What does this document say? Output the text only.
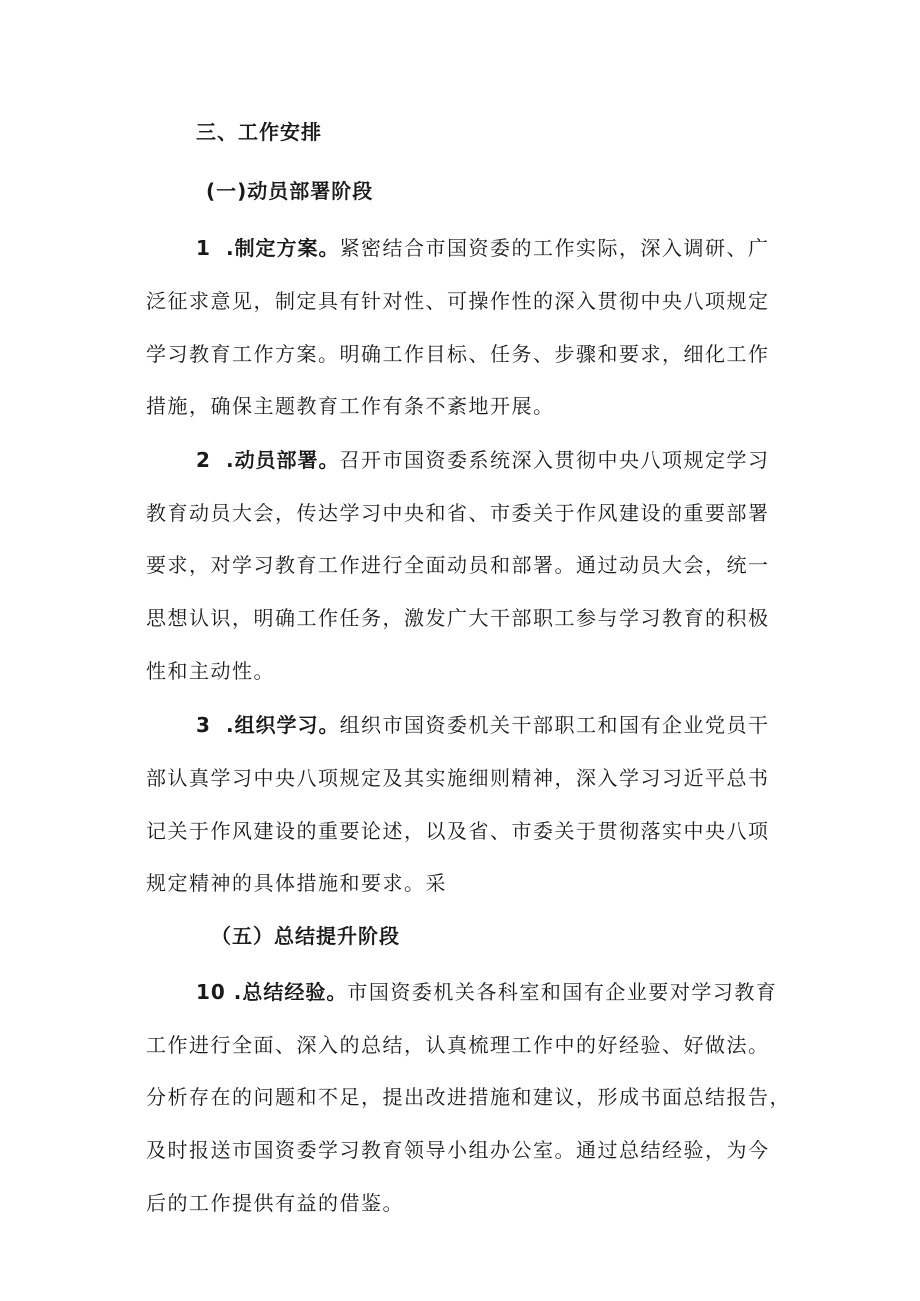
三、工作安排
(一)动员部署阶段
1 .制定方案。紧密结合市国资委的工作实际，深入调研、广
泛征求意见，制定具有针对性、可操作性的深入贯彻中央八项规定
学习教育工作方案。明确工作目标、任务、步骤和要求，细化工作
措施，确保主题教育工作有条不紊地开展。
2 .动员部署。召开市国资委系统深入贯彻中央八项规定学习
教育动员大会，传达学习中央和省、市委关于作风建设的重要部署
要求，对学习教育工作进行全面动员和部署。通过动员大会，统一
思想认识，明确工作任务，激发广大干部职工参与学习教育的积极
性和主动性。
3 .组织学习。组织市国资委机关干部职工和国有企业党员干
部认真学习中央八项规定及其实施细则精神，深入学习习近平总书
记关于作风建设的重要论述，以及省、市委关于贯彻落实中央八项
规定精神的具体措施和要求。采
（五）总结提升阶段
10 .总结经验。市国资委机关各科室和国有企业要对学习教育
工作进行全面、深入的总结，认真梳理工作中的好经验、好做法。
分析存在的问题和不足，提出改进措施和建议，形成书面总结报告，
及时报送市国资委学习教育领导小组办公室。通过总结经验，为今
后的工作提供有益的借鉴。
